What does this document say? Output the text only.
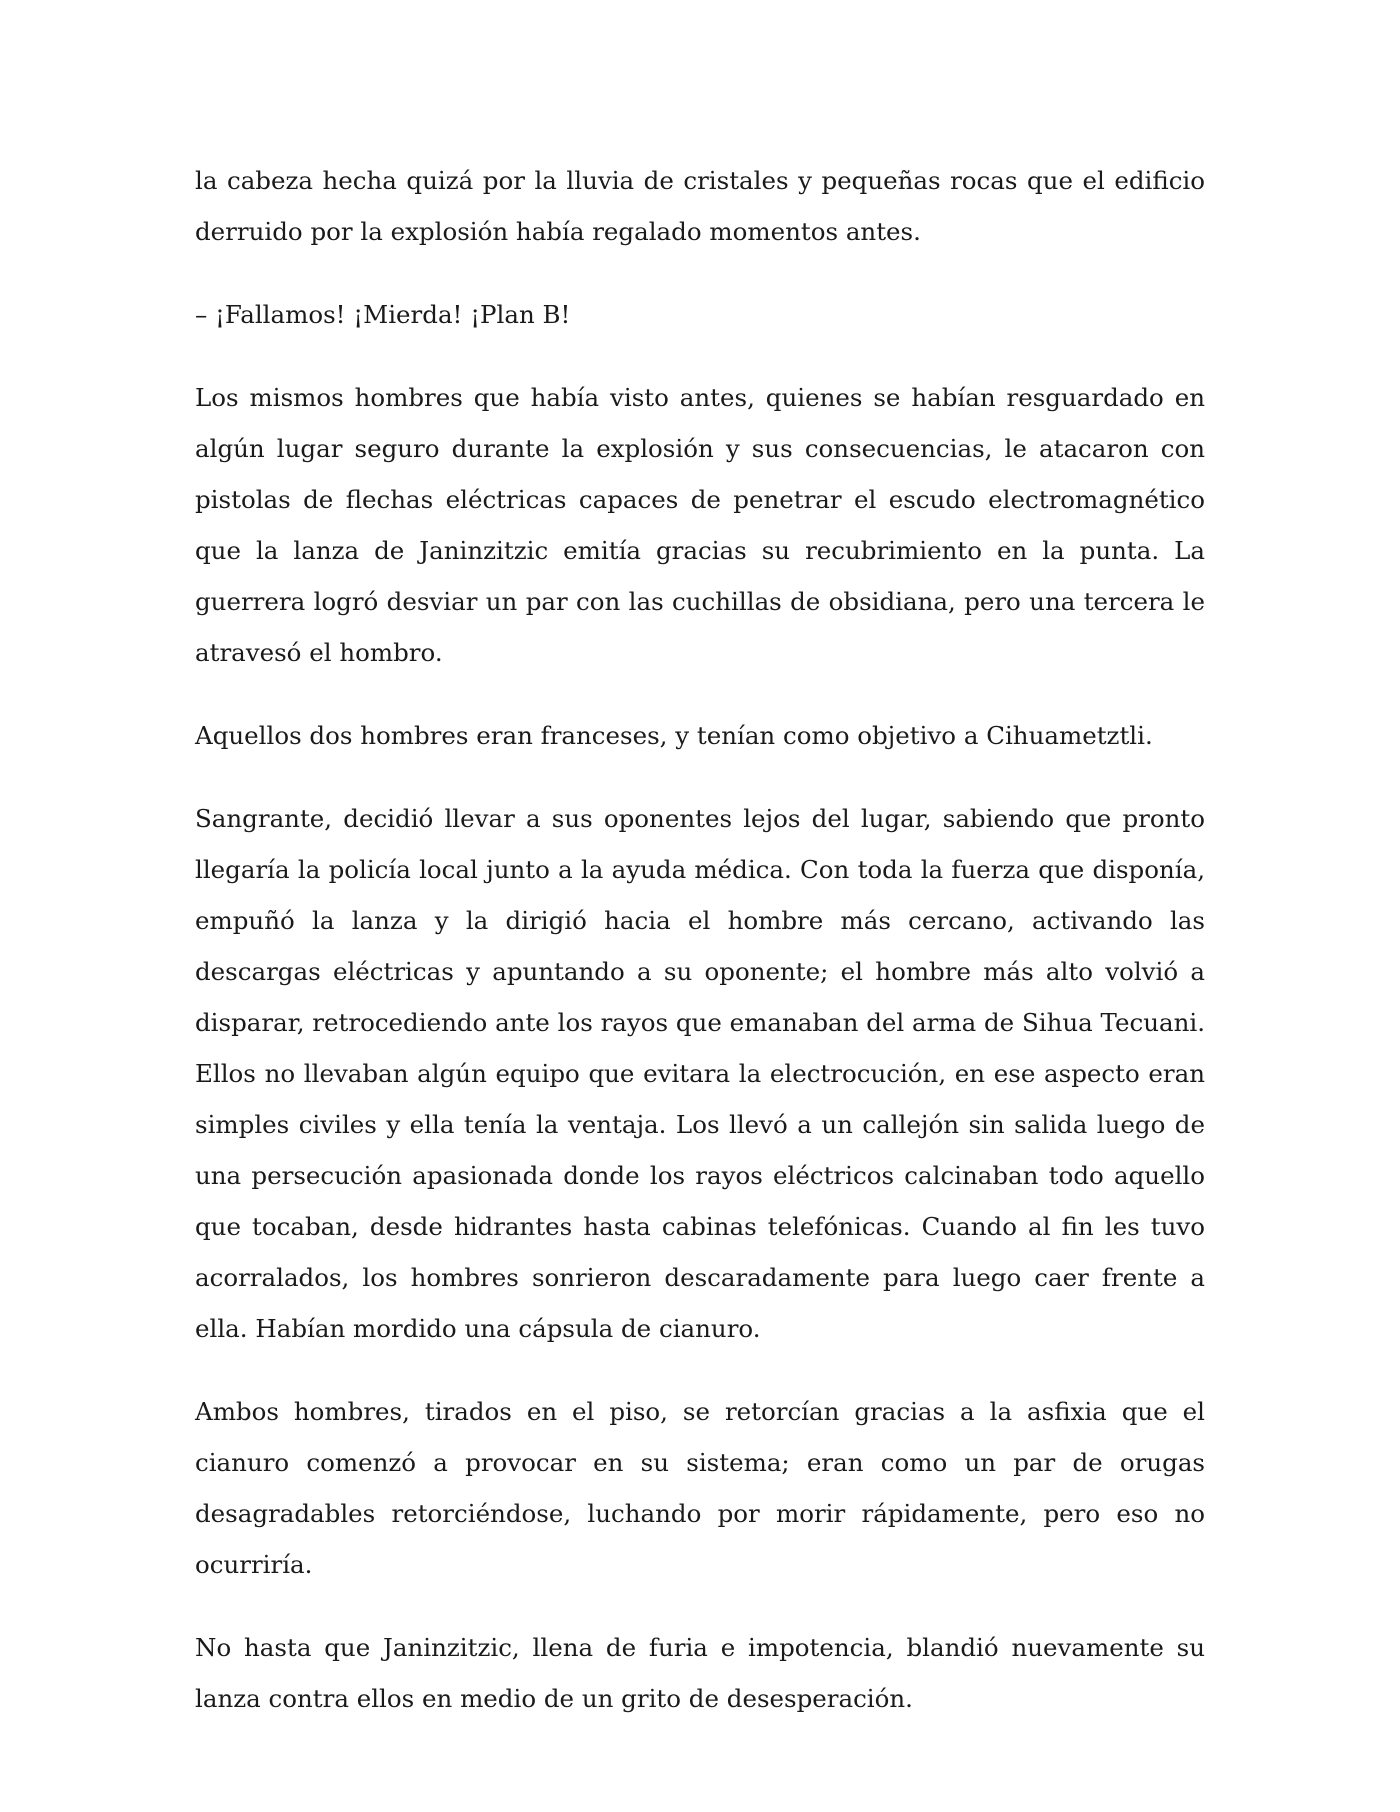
la cabeza hecha quizá por la lluvia de cristales y pequeñas rocas que el edificio derruido por la explosión había regalado momentos antes.

– ¡Fallamos! ¡Mierda! ¡Plan B!

Los mismos hombres que había visto antes, quienes se habían resguardado en algún lugar seguro durante la explosión y sus consecuencias, le atacaron con pistolas de flechas eléctricas capaces de penetrar el escudo electromagnético que la lanza de Janinzitzic emitía gracias su recubrimiento en la punta. La guerrera logró desviar un par con las cuchillas de obsidiana, pero una tercera le atravesó el hombro.

Aquellos dos hombres eran franceses, y tenían como objetivo a Cihuametztli.

Sangrante, decidió llevar a sus oponentes lejos del lugar, sabiendo que pronto llegaría la policía local junto a la ayuda médica. Con toda la fuerza que disponía, empuñó la lanza y la dirigió hacia el hombre más cercano, activando las descargas eléctricas y apuntando a su oponente; el hombre más alto volvió a disparar, retrocediendo ante los rayos que emanaban del arma de Sihua Tecuani. Ellos no llevaban algún equipo que evitara la electrocución, en ese aspecto eran simples civiles y ella tenía la ventaja. Los llevó a un callejón sin salida luego de una persecución apasionada donde los rayos eléctricos calcinaban todo aquello que tocaban, desde hidrantes hasta cabinas telefónicas. Cuando al fin les tuvo acorralados, los hombres sonrieron descaradamente para luego caer frente a ella. Habían mordido una cápsula de cianuro.

Ambos hombres, tirados en el piso, se retorcían gracias a la asfixia que el cianuro comenzó a provocar en su sistema; eran como un par de orugas desagradables retorciéndose, luchando por morir rápidamente, pero eso no ocurriría.

No hasta que Janinzitzic, llena de furia e impotencia, blandió nuevamente su lanza contra ellos en medio de un grito de desesperación.
